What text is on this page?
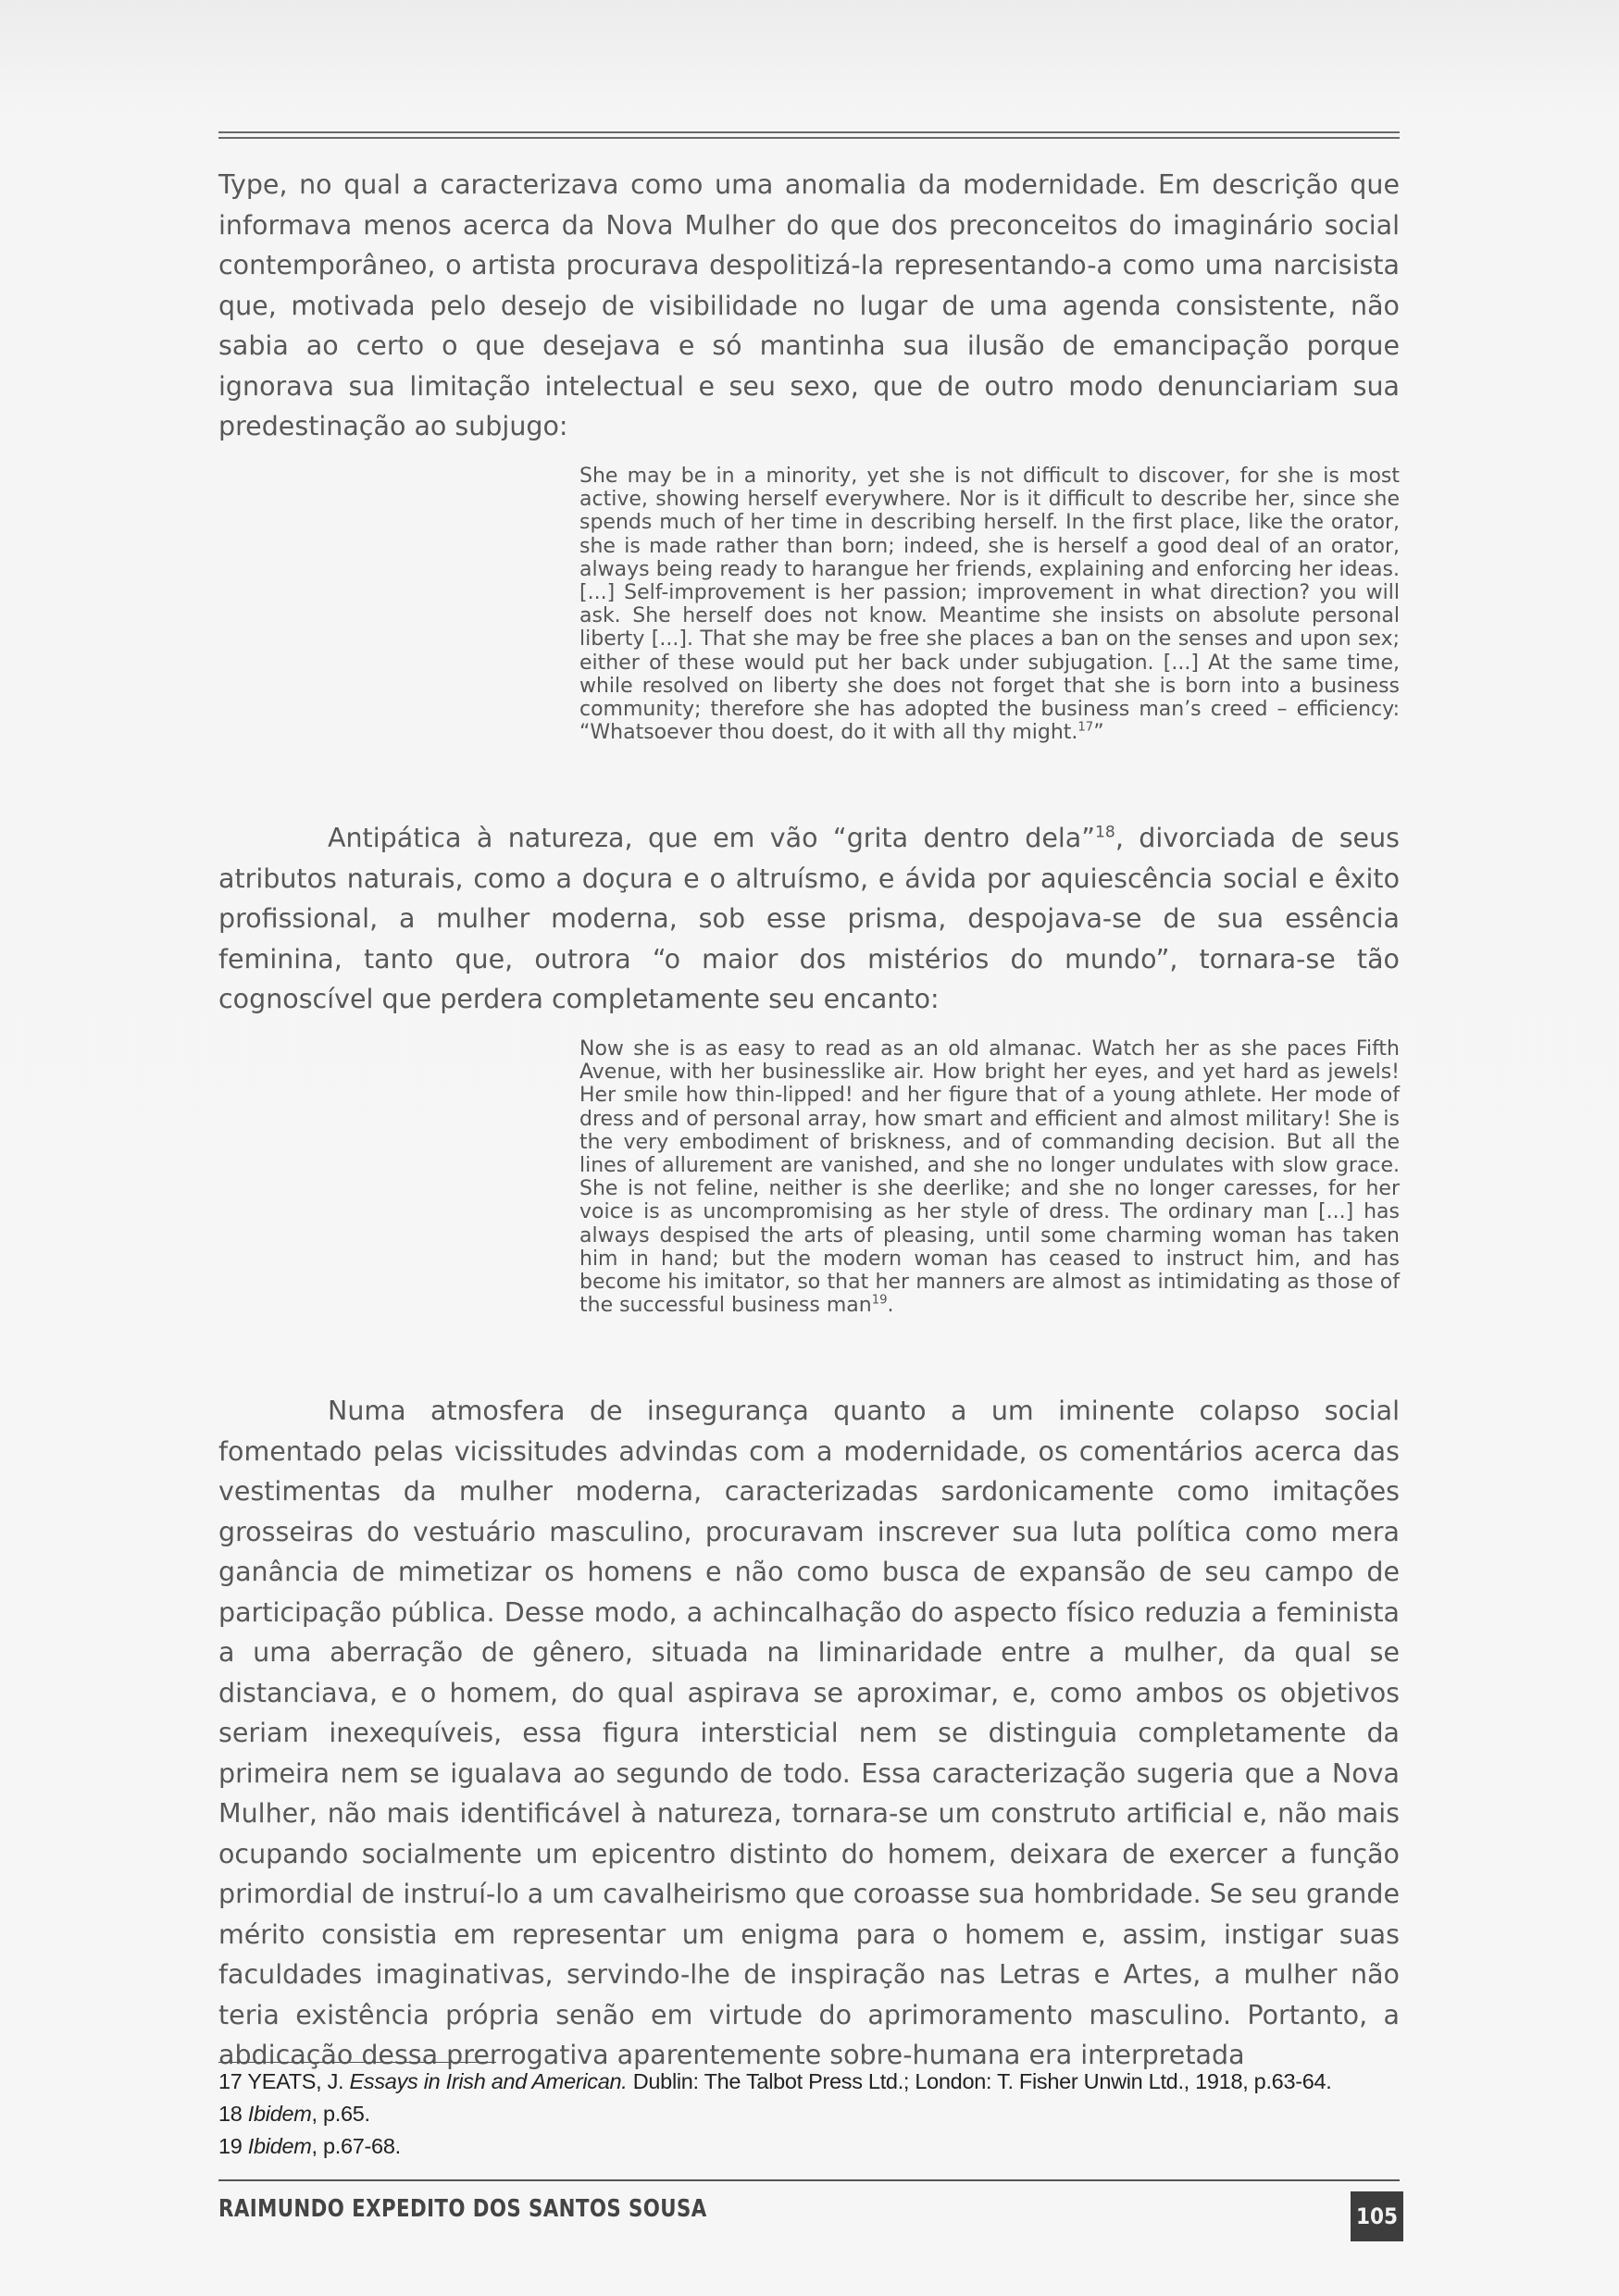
Type, no qual a caracterizava como uma anomalia da modernidade. Em descrição que informava menos acerca da Nova Mulher do que dos preconceitos do imaginário social contemporâneo, o artista procurava despolitizá-la representando-a como uma narcisista que, motivada pelo desejo de visibilidade no lugar de uma agenda consistente, não sabia ao certo o que desejava e só mantinha sua ilusão de emancipação porque ignorava sua limitação intelectual e seu sexo, que de outro modo denunciariam sua predestinação ao subjugo:

She may be in a minority, yet she is not difficult to discover, for she is most active, showing herself everywhere. Nor is it difficult to describe her, since she spends much of her time in describing herself. In the first place, like the orator, she is made rather than born; indeed, she is herself a good deal of an orator, always being ready to harangue her friends, explaining and enforcing her ideas. [...] Self-improvement is her passion; improvement in what direction? you will ask. She herself does not know. Meantime she insists on absolute personal liberty [...]. That she may be free she places a ban on the senses and upon sex; either of these would put her back under subjugation. [...] At the same time, while resolved on liberty she does not forget that she is born into a business community; therefore she has adopted the business man’s creed – efficiency: “Whatsoever thou doest, do it with all thy might.$^{17}$”

Antipática à natureza, que em vão “grita dentro dela”$^{18}$, divorciada de seus atributos naturais, como a doçura e o altruísmo, e ávida por aquiescência social e êxito profissional, a mulher moderna, sob esse prisma, despojava-se de sua essência feminina, tanto que, outrora “o maior dos mistérios do mundo”, tornara-se tão cognoscível que perdera completamente seu encanto:

Now she is as easy to read as an old almanac. Watch her as she paces Fifth Avenue, with her businesslike air. How bright her eyes, and yet hard as jewels! Her smile how thin-lipped! and her figure that of a young athlete. Her mode of dress and of personal array, how smart and efficient and almost military! She is the very embodiment of briskness, and of commanding decision. But all the lines of allurement are vanished, and she no longer undulates with slow grace. She is not feline, neither is she deerlike; and she no longer caresses, for her voice is as uncompromising as her style of dress. The ordinary man [...] has always despised the arts of pleasing, until some charming woman has taken him in hand; but the modern woman has ceased to instruct him, and has become his imitator, so that her manners are almost as intimidating as those of the successful business man$^{19}$.

Numa atmosfera de insegurança quanto a um iminente colapso social fomentado pelas vicissitudes advindas com a modernidade, os comentários acerca das vestimentas da mulher moderna, caracterizadas sardonicamente como imitações grosseiras do vestuário masculino, procuravam inscrever sua luta política como mera ganância de mimetizar os homens e não como busca de expansão de seu campo de participação pública. Desse modo, a achincalhação do aspecto físico reduzia a feminista a uma aberração de gênero, situada na liminaridade entre a mulher, da qual se distanciava, e o homem, do qual aspirava se aproximar, e, como ambos os objetivos seriam inexequíveis, essa figura intersticial nem se distinguia completamente da primeira nem se igualava ao segundo de todo. Essa caracterização sugeria que a Nova Mulher, não mais identificável à natureza, tornara-se um construto artificial e, não mais ocupando socialmente um epicentro distinto do homem, deixara de exercer a função primordial de instruí-lo a um cavalheirismo que coroasse sua hombridade. Se seu grande mérito consistia em representar um enigma para o homem e, assim, instigar suas faculdades imaginativas, servindo-lhe de inspiração nas Letras e Artes, a mulher não teria existência própria senão em virtude do aprimoramento masculino. Portanto, a abdicação dessa prerrogativa aparentemente sobre-humana era interpretada

17 YEATS, J. Essays in Irish and American. Dublin: The Talbot Press Ltd.; London: T. Fisher Unwin Ltd., 1918, p.63-64.
18 Ibidem, p.65.
19 Ibidem, p.67-68.
RAIMUNDO EXPEDITO DOS SANTOS SOUSA	105
